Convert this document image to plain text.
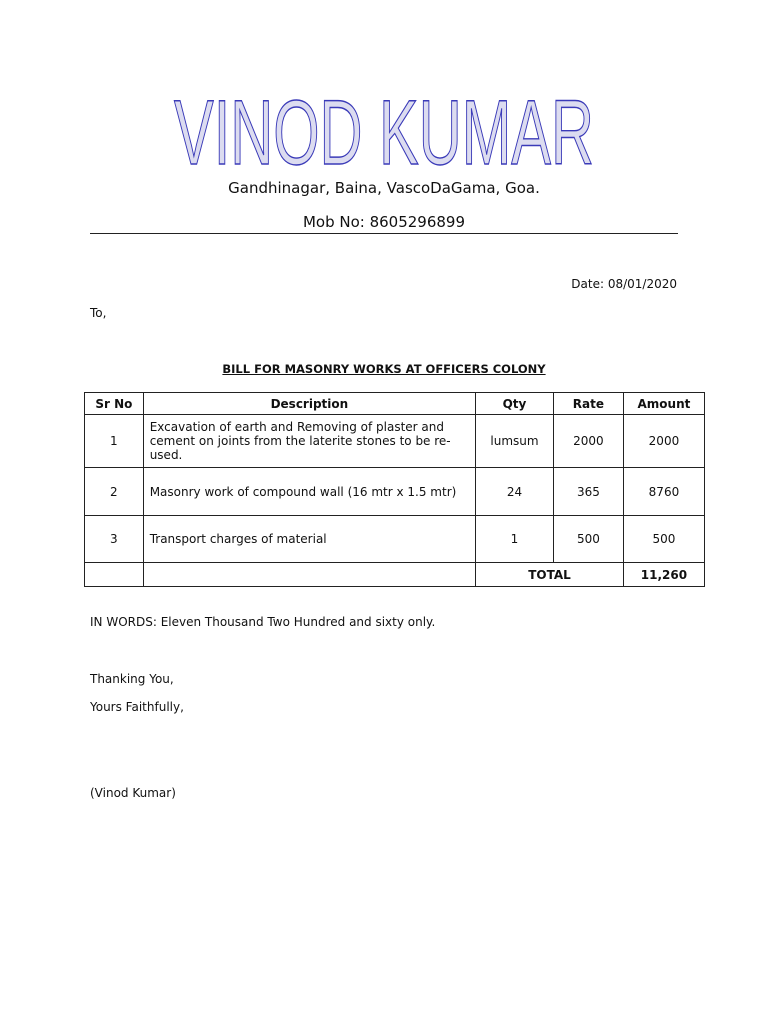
VINOD KUMAR
Gandhinagar, Baina, VascoDaGama, Goa.
Mob No: 8605296899
Date: 08/01/2020
To,
BILL FOR MASONRY WORKS AT OFFICERS COLONY
Sr No	Description	Qty	Rate	Amount
1	Excavation of earth and Removing of plaster and cement on joints from the laterite stones to be re-used.	lumsum	2000	2000
2	Masonry work of compound wall (16 mtr x 1.5 mtr)	24	365	8760
3	Transport charges of material	1	500	500
		TOTAL		11,260
IN WORDS: Eleven Thousand Two Hundred and sixty only.
Thanking You,
Yours Faithfully,
(Vinod Kumar)
